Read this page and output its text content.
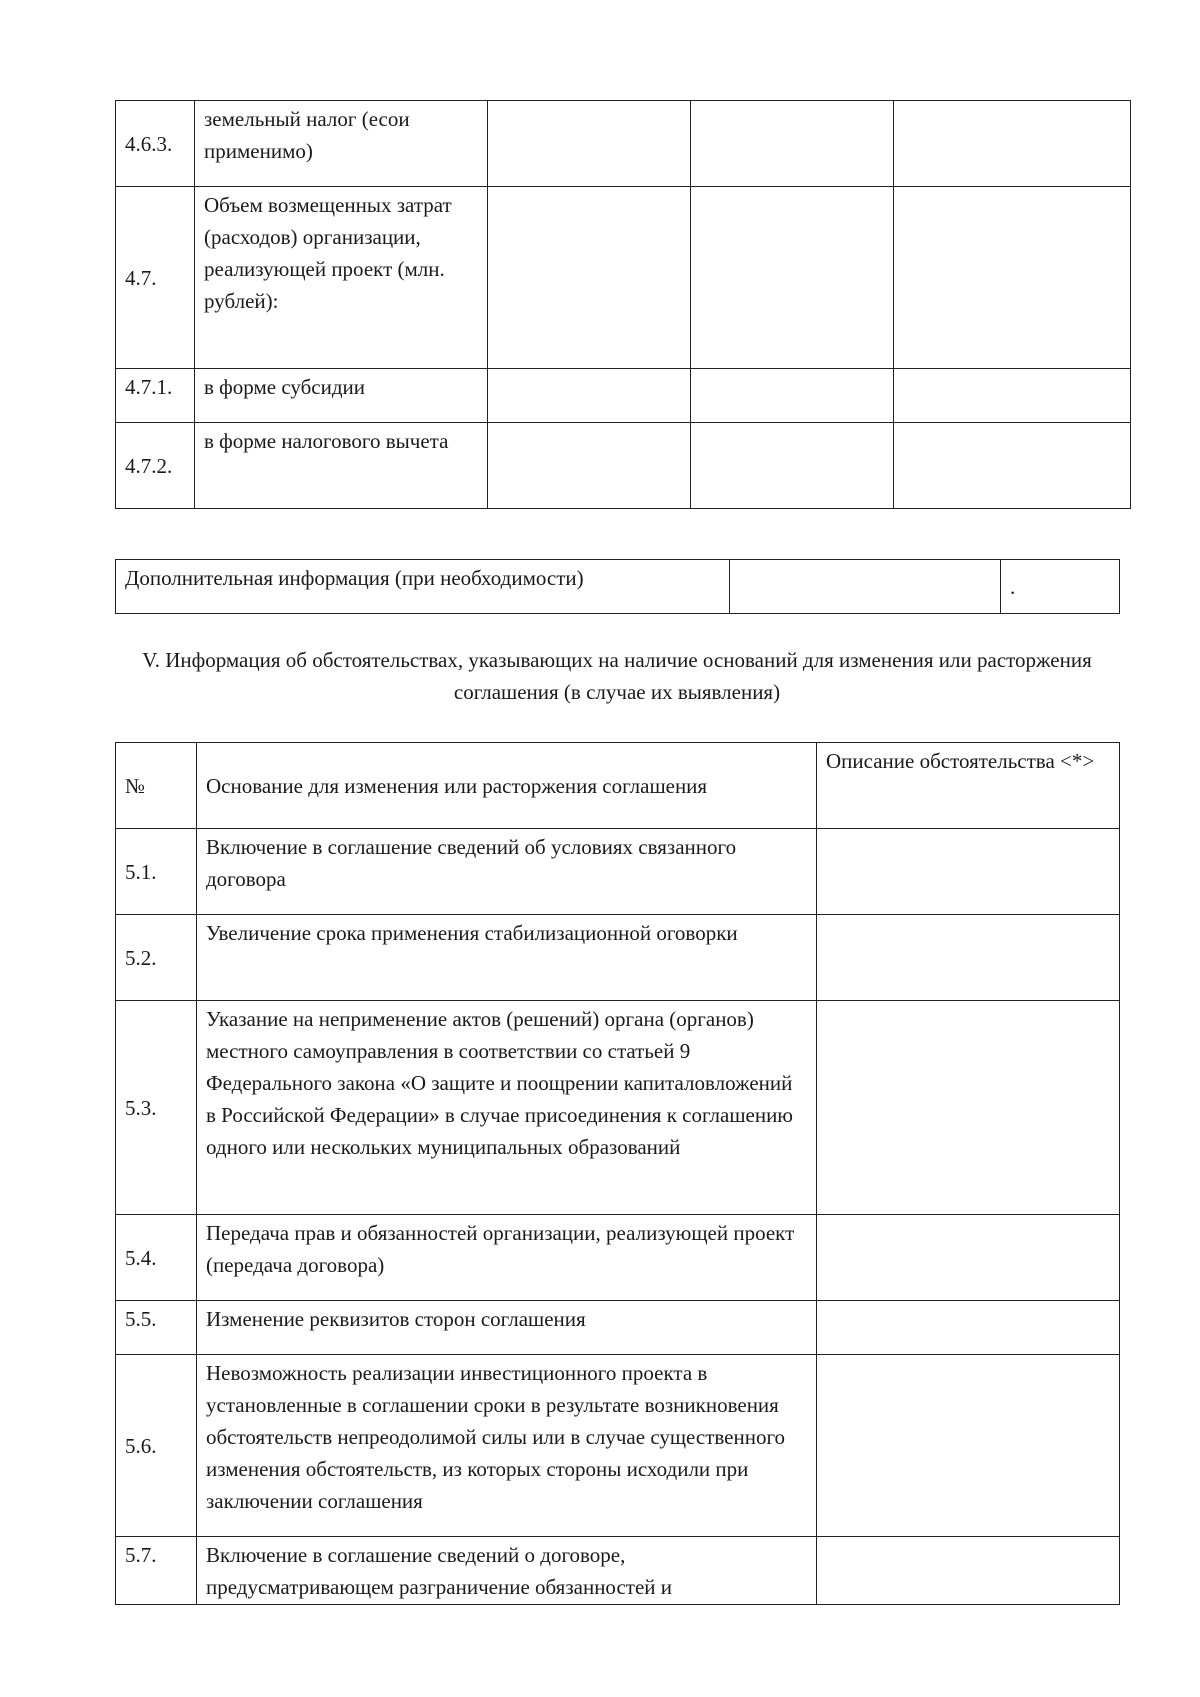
4.6.3.	земельный налог (есои применимо)			
4.7.	Объем возмещенных затрат (расходов) организации, реализующей проект (млн. рублей):			
4.7.1.	в форме субсидии			
4.7.2.	в форме налогового вычета			
Дополнительная информация (при необходимости)		.
V. Информация об обстоятельствах, указывающих на наличие оснований для изменения или расторжения соглашения (в случае их выявления)
№	Основание для изменения или расторжения соглашения	Описание обстоятельства <*>
5.1.	Включение в соглашение сведений об условиях связанного договора	
5.2.	Увеличение срока применения стабилизационной оговорки	
5.3.	Указание на неприменение актов (решений) органа (органов) местного самоуправления в соответствии со статьей 9 Федерального закона «О защите и поощрении капиталовложений в Российской Федерации» в случае присоединения к соглашению одного или нескольких муниципальных образований	
5.4.	Передача прав и обязанностей организации, реализующей проект (передача договора)	
5.5.	Изменение реквизитов сторон соглашения	
5.6.	Невозможность реализации инвестиционного проекта в установленные в соглашении сроки в результате возникновения обстоятельств непреодолимой силы или в случае существенного изменения обстоятельств, из которых стороны исходили при заключении соглашения	
5.7.	Включение в соглашение сведений о договоре, предусматривающем разграничение обязанностей и	
